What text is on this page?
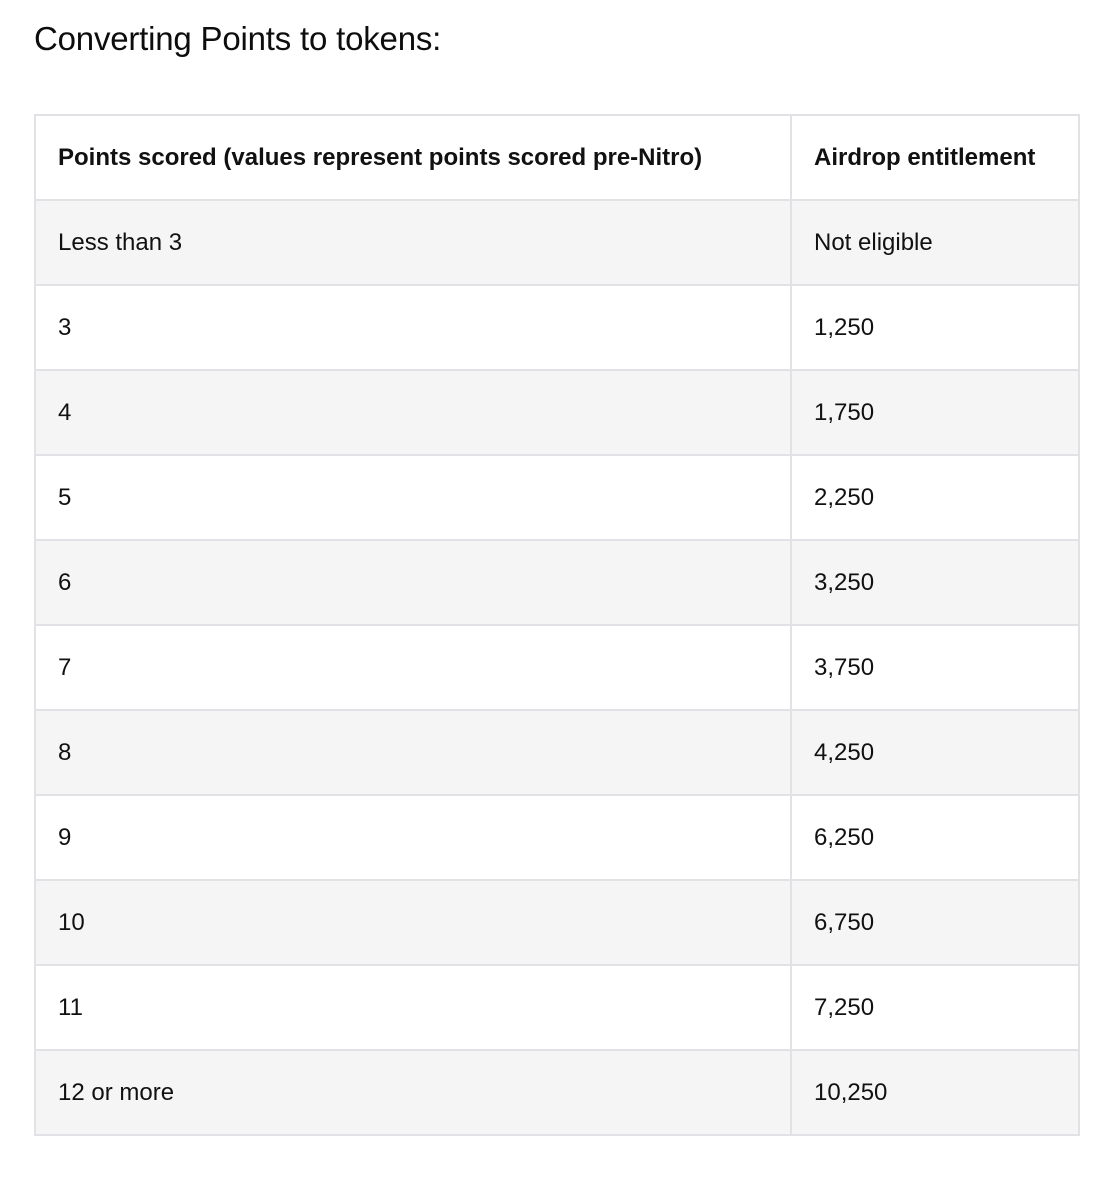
Converting Points to tokens:
Points scored (values represent points scored pre-Nitro)	Airdrop entitlement
Less than 3	Not eligible
3	1,250
4	1,750
5	2,250
6	3,250
7	3,750
8	4,250
9	6,250
10	6,750
11	7,250
12 or more	10,250
